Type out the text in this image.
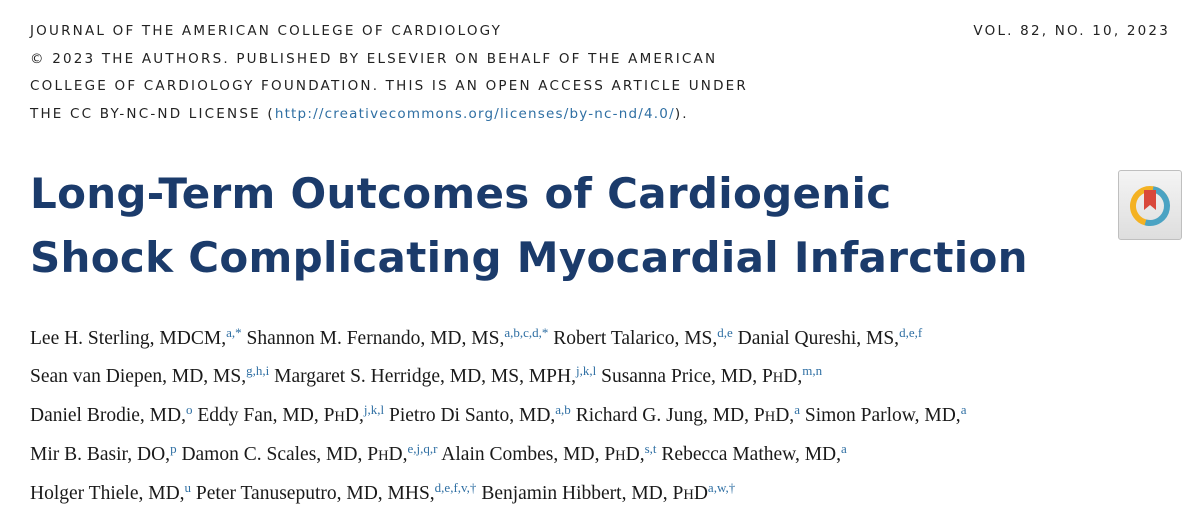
JOURNAL OF THE AMERICAN COLLEGE OF CARDIOLOGY	VOL. 82, NO. 10, 2023
© 2023 THE AUTHORS. PUBLISHED BY ELSEVIER ON BEHALF OF THE AMERICAN
COLLEGE OF CARDIOLOGY FOUNDATION. THIS IS AN OPEN ACCESS ARTICLE UNDER
THE CC BY-NC-ND LICENSE (http://creativecommons.org/licenses/by-nc-nd/4.0/).
Long-Term Outcomes of Cardiogenic
Shock Complicating Myocardial Infarction
Lee H. Sterling, MDCM,$^{a,*}$ Shannon M. Fernando, MD, MS,$^{a,b,c,d,*}$ Robert Talarico, MS,$^{d,e}$ Danial Qureshi, MS,$^{d,e,f}$
Sean van Diepen, MD, MS,$^{g,h,i}$ Margaret S. Herridge, MD, MS, MPH,$^{j,k,l}$ Susanna Price, MD, PHD,$^{m,n}$
Daniel Brodie, MD,$^o$ Eddy Fan, MD, PHD,$^{j,k,l}$ Pietro Di Santo, MD,$^{a,b}$ Richard G. Jung, MD, PHD,$^a$ Simon Parlow, MD,$^a$
Mir B. Basir, DO,$^p$ Damon C. Scales, MD, PHD,$^{e,j,q,r}$ Alain Combes, MD, PHD,$^{s,t}$ Rebecca Mathew, MD,$^a$
Holger Thiele, MD,$^u$ Peter Tanuseputro, MD, MHS,$^{d,e,f,v,\dagger}$ Benjamin Hibbert, MD, PHD$^{a,w,\dagger}$
